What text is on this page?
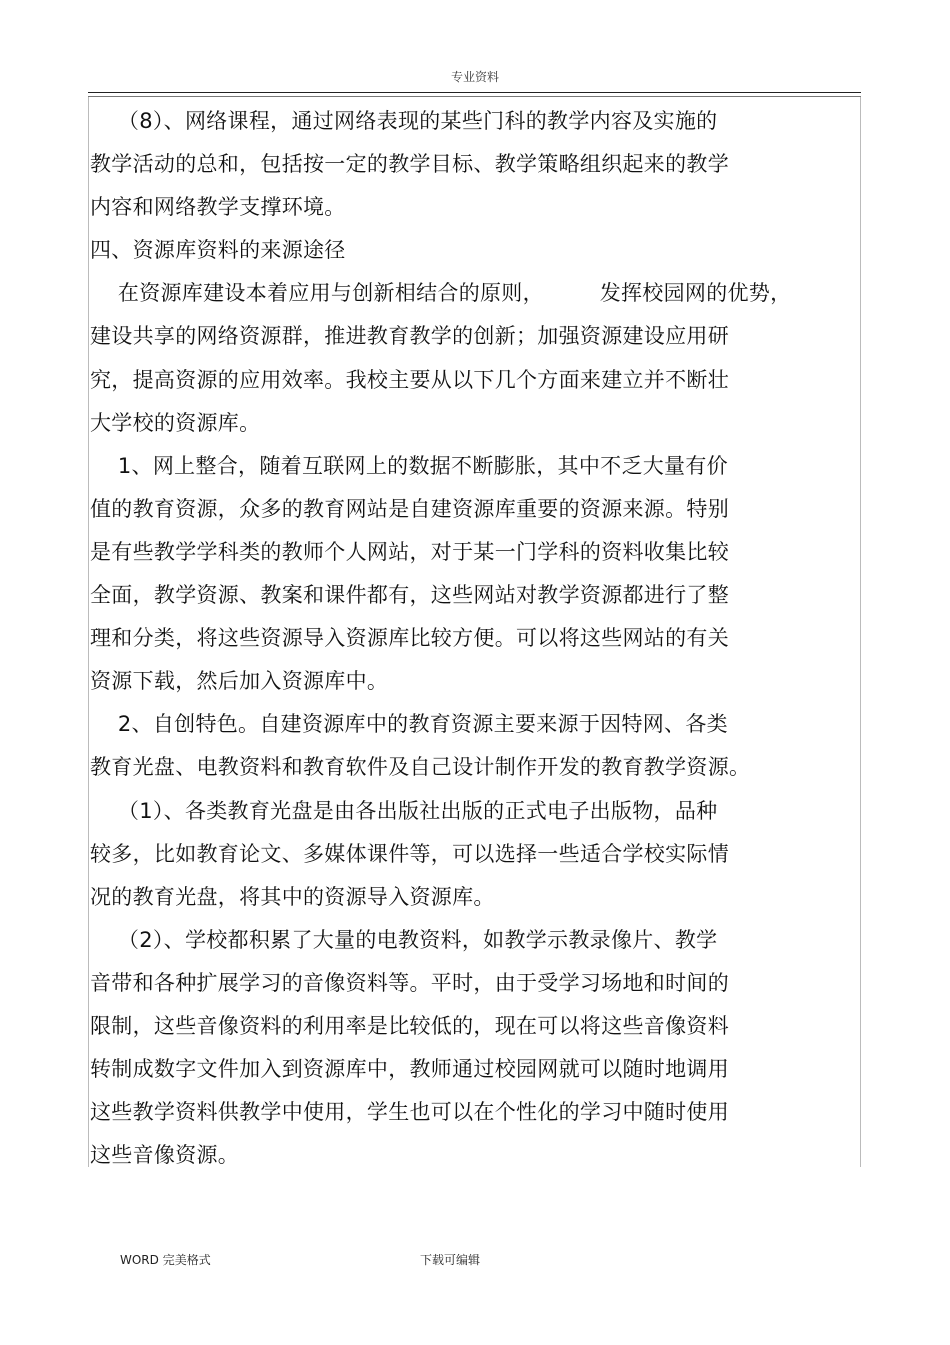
专业资料
（8）、网络课程，通过网络表现的某些门科的教学内容及实施的
教学活动的总和，包括按一定的教学目标、教学策略组织起来的教学
内容和网络教学支撑环境。
四、资源库资料的来源途径
在资源库建设本着应用与创新相结合的原则，        发挥校园网的优势，
建设共享的网络资源群，推进教育教学的创新；加强资源建设应用研
究，提高资源的应用效率。我校主要从以下几个方面来建立并不断壮
大学校的资源库。
1、网上整合，随着互联网上的数据不断膨胀，其中不乏大量有价
值的教育资源，众多的教育网站是自建资源库重要的资源来源。特别
是有些教学学科类的教师个人网站，对于某一门学科的资料收集比较
全面，教学资源、教案和课件都有，这些网站对教学资源都进行了整
理和分类，将这些资源导入资源库比较方便。可以将这些网站的有关
资源下载，然后加入资源库中。
2、自创特色。自建资源库中的教育资源主要来源于因特网、各类
教育光盘、电教资料和教育软件及自己设计制作开发的教育教学资源。
（1）、各类教育光盘是由各出版社出版的正式电子出版物，品种
较多，比如教育论文、多媒体课件等，可以选择一些适合学校实际情
况的教育光盘，将其中的资源导入资源库。
（2）、学校都积累了大量的电教资料，如教学示教录像片、教学
音带和各种扩展学习的音像资料等。平时，由于受学习场地和时间的
限制，这些音像资料的利用率是比较低的，现在可以将这些音像资料
转制成数字文件加入到资源库中，教师通过校园网就可以随时地调用
这些教学资料供教学中使用，学生也可以在个性化的学习中随时使用
这些音像资源。
WORD 完美格式	下载可编辑
